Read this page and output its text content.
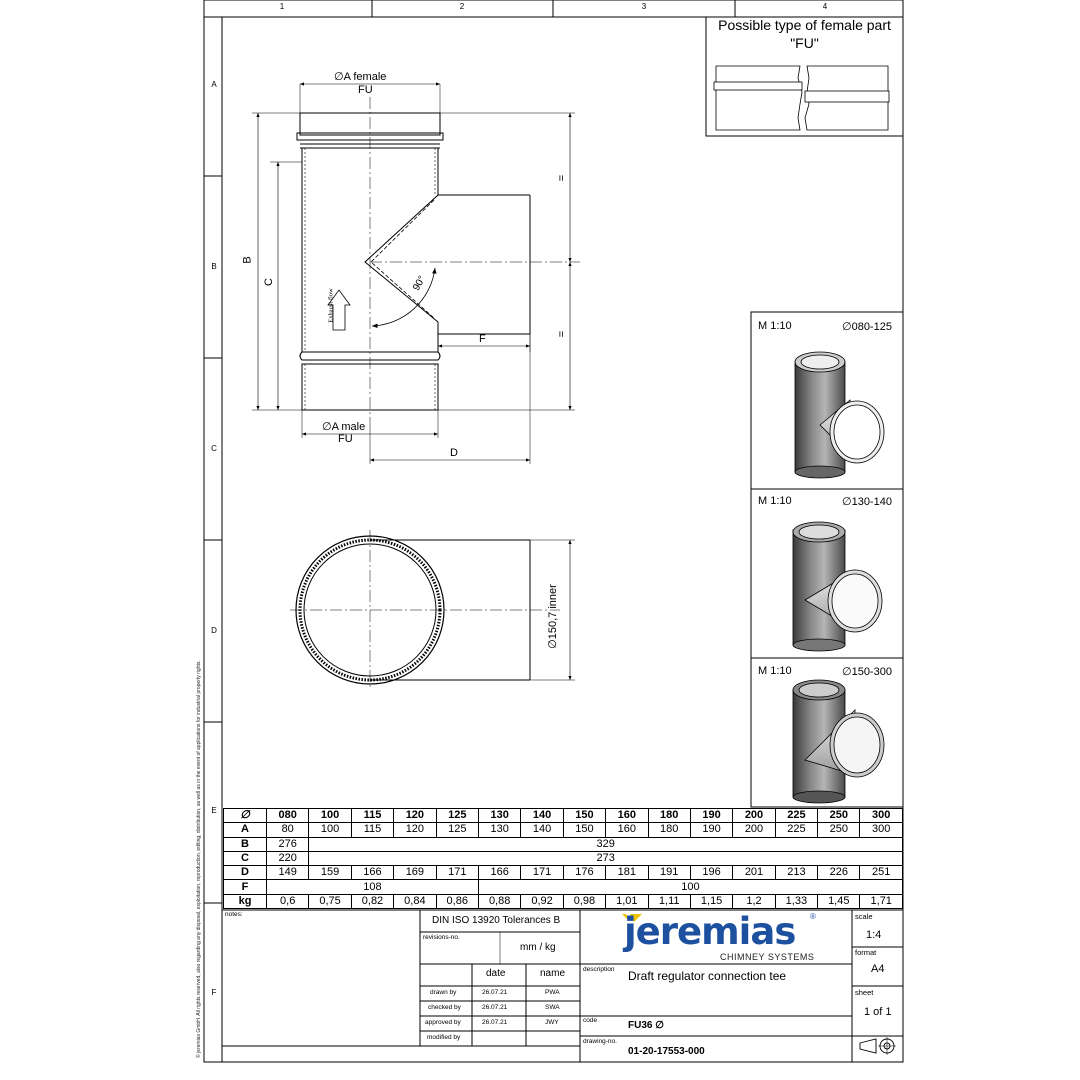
1	2	3	4
A
B
C
D
E
F
© jeremias GmbH. All rights reserved, also regarding any disposal, exploitation, reproduction, editing, distribution, as well as in the event of applications for industrial property rights.
Possible type of female part "FU"
∅A female
FU
∅A male
FU
B
C
D
F
=
=
90°
Exhaust flow
∅150,7 inner
M 1:10	∅080-125
M 1:10	∅130-140
M 1:10	∅150-300
∅	080	100	115	120	125	130	140	150	160	180	190	200	225	250	300
A	80	100	115	120	125	130	140	150	160	180	190	200	225	250	300
B	276	329													
C	220	273													
D	149	159	166	169	171	166	171	176	181	191	196	201	213	226	251
F	108					100									
kg	0,6	0,75	0,82	0,84	0,86	0,88	0,92	0,98	1,01	1,11	1,15	1,2	1,33	1,45	1,71
notes:
DIN ISO 13920 Tolerances B
revisions-no.
mm / kg
date	name
drawn by	26.07.21	PWA
checked by	26.07.21	SWA
approved by	26.07.21	JWY
modified by
jeremias ®
CHIMNEY SYSTEMS
description Draft regulator connection tee
code	FU36 ∅
drawing-no.
01-20-17553-000
scale
1:4
format
A4
sheet
1 of 1
